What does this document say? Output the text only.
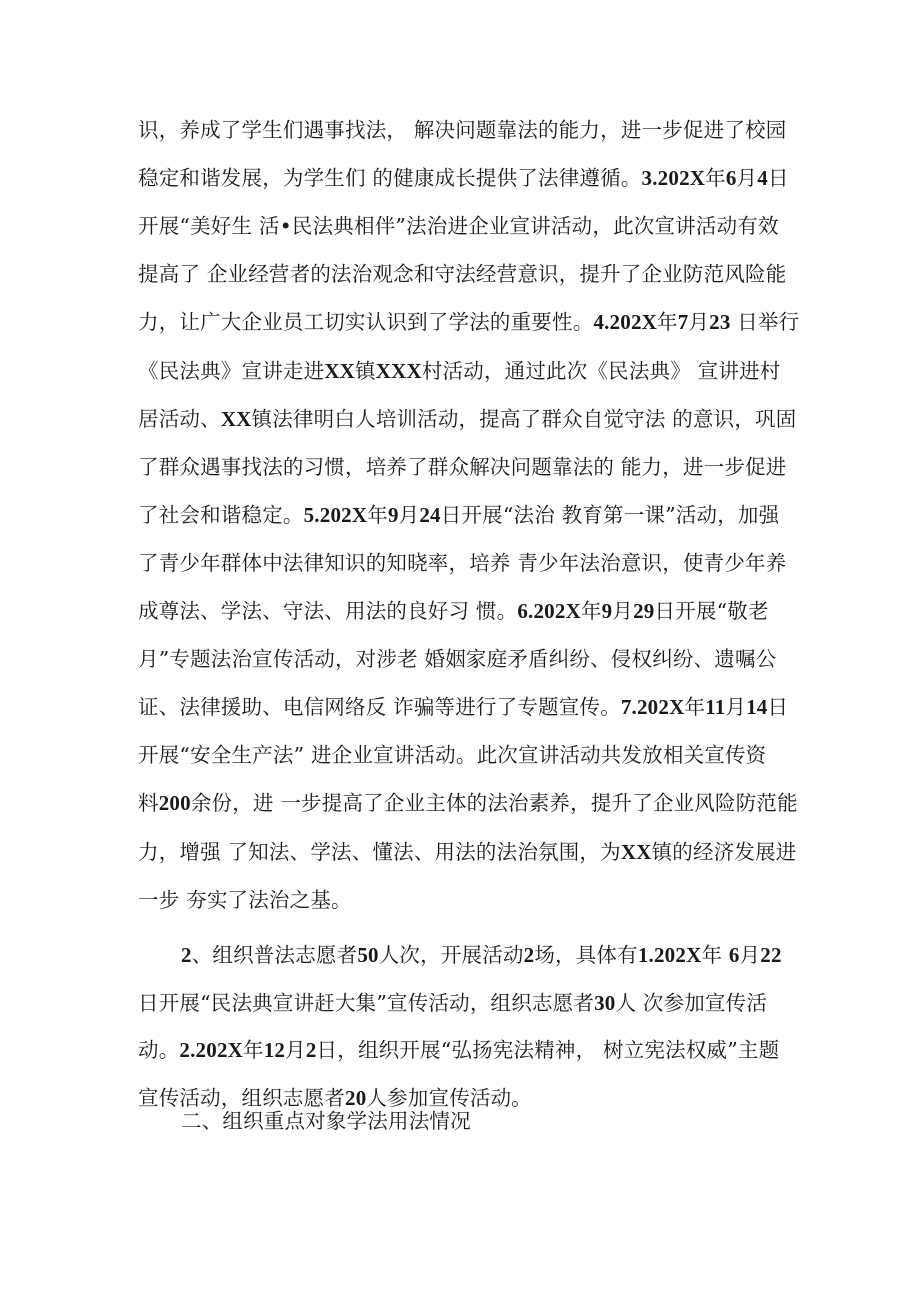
识，养成了学生们遇事找法， 解决问题靠法的能力，进一步促进了校园
稳定和谐发展，为学生们 的健康成长提供了法律遵循。3.202X年6月4日
开展“美好生 活•民法典相伴”法治进企业宣讲活动，此次宣讲活动有效
提高了 企业经营者的法治观念和守法经营意识，提升了企业防范风险能
力，让广大企业员工切实认识到了学法的重要性。4.202X年7月23 日举行
《民法典》宣讲走进XX镇XXX村活动，通过此次《民法典》 宣讲进村
居活动、XX镇法律明白人培训活动，提高了群众自觉守法 的意识，巩固
了群众遇事找法的习惯，培养了群众解决问题靠法的 能力，进一步促进
了社会和谐稳定。5.202X年9月24日开展“法治 教育第一课”活动，加强
了青少年群体中法律知识的知晓率，培养 青少年法治意识，使青少年养
成尊法、学法、守法、用法的良好习 惯。6.202X年9月29日开展“敬老
月”专题法治宣传活动，对涉老 婚姻家庭矛盾纠纷、侵权纠纷、遗嘱公
证、法律援助、电信网络反 诈骗等进行了专题宣传。7.202X年11月14日
开展“安全生产法” 进企业宣讲活动。此次宣讲活动共发放相关宣传资
料200余份，进 一步提高了企业主体的法治素养，提升了企业风险防范能
力，增强 了知法、学法、懂法、用法的法治氛围，为XX镇的经济发展进
一步 夯实了法治之基。
2、组织普法志愿者50人次，开展活动2场，具体有1.202X年 6月22
日开展“民法典宣讲赶大集”宣传活动，组织志愿者30人 次参加宣传活
动。2.202X年12月2日，组织开展“弘扬宪法精神， 树立宪法权威”主题
宣传活动，组织志愿者20人参加宣传活动。
二、组织重点对象学法用法情况
